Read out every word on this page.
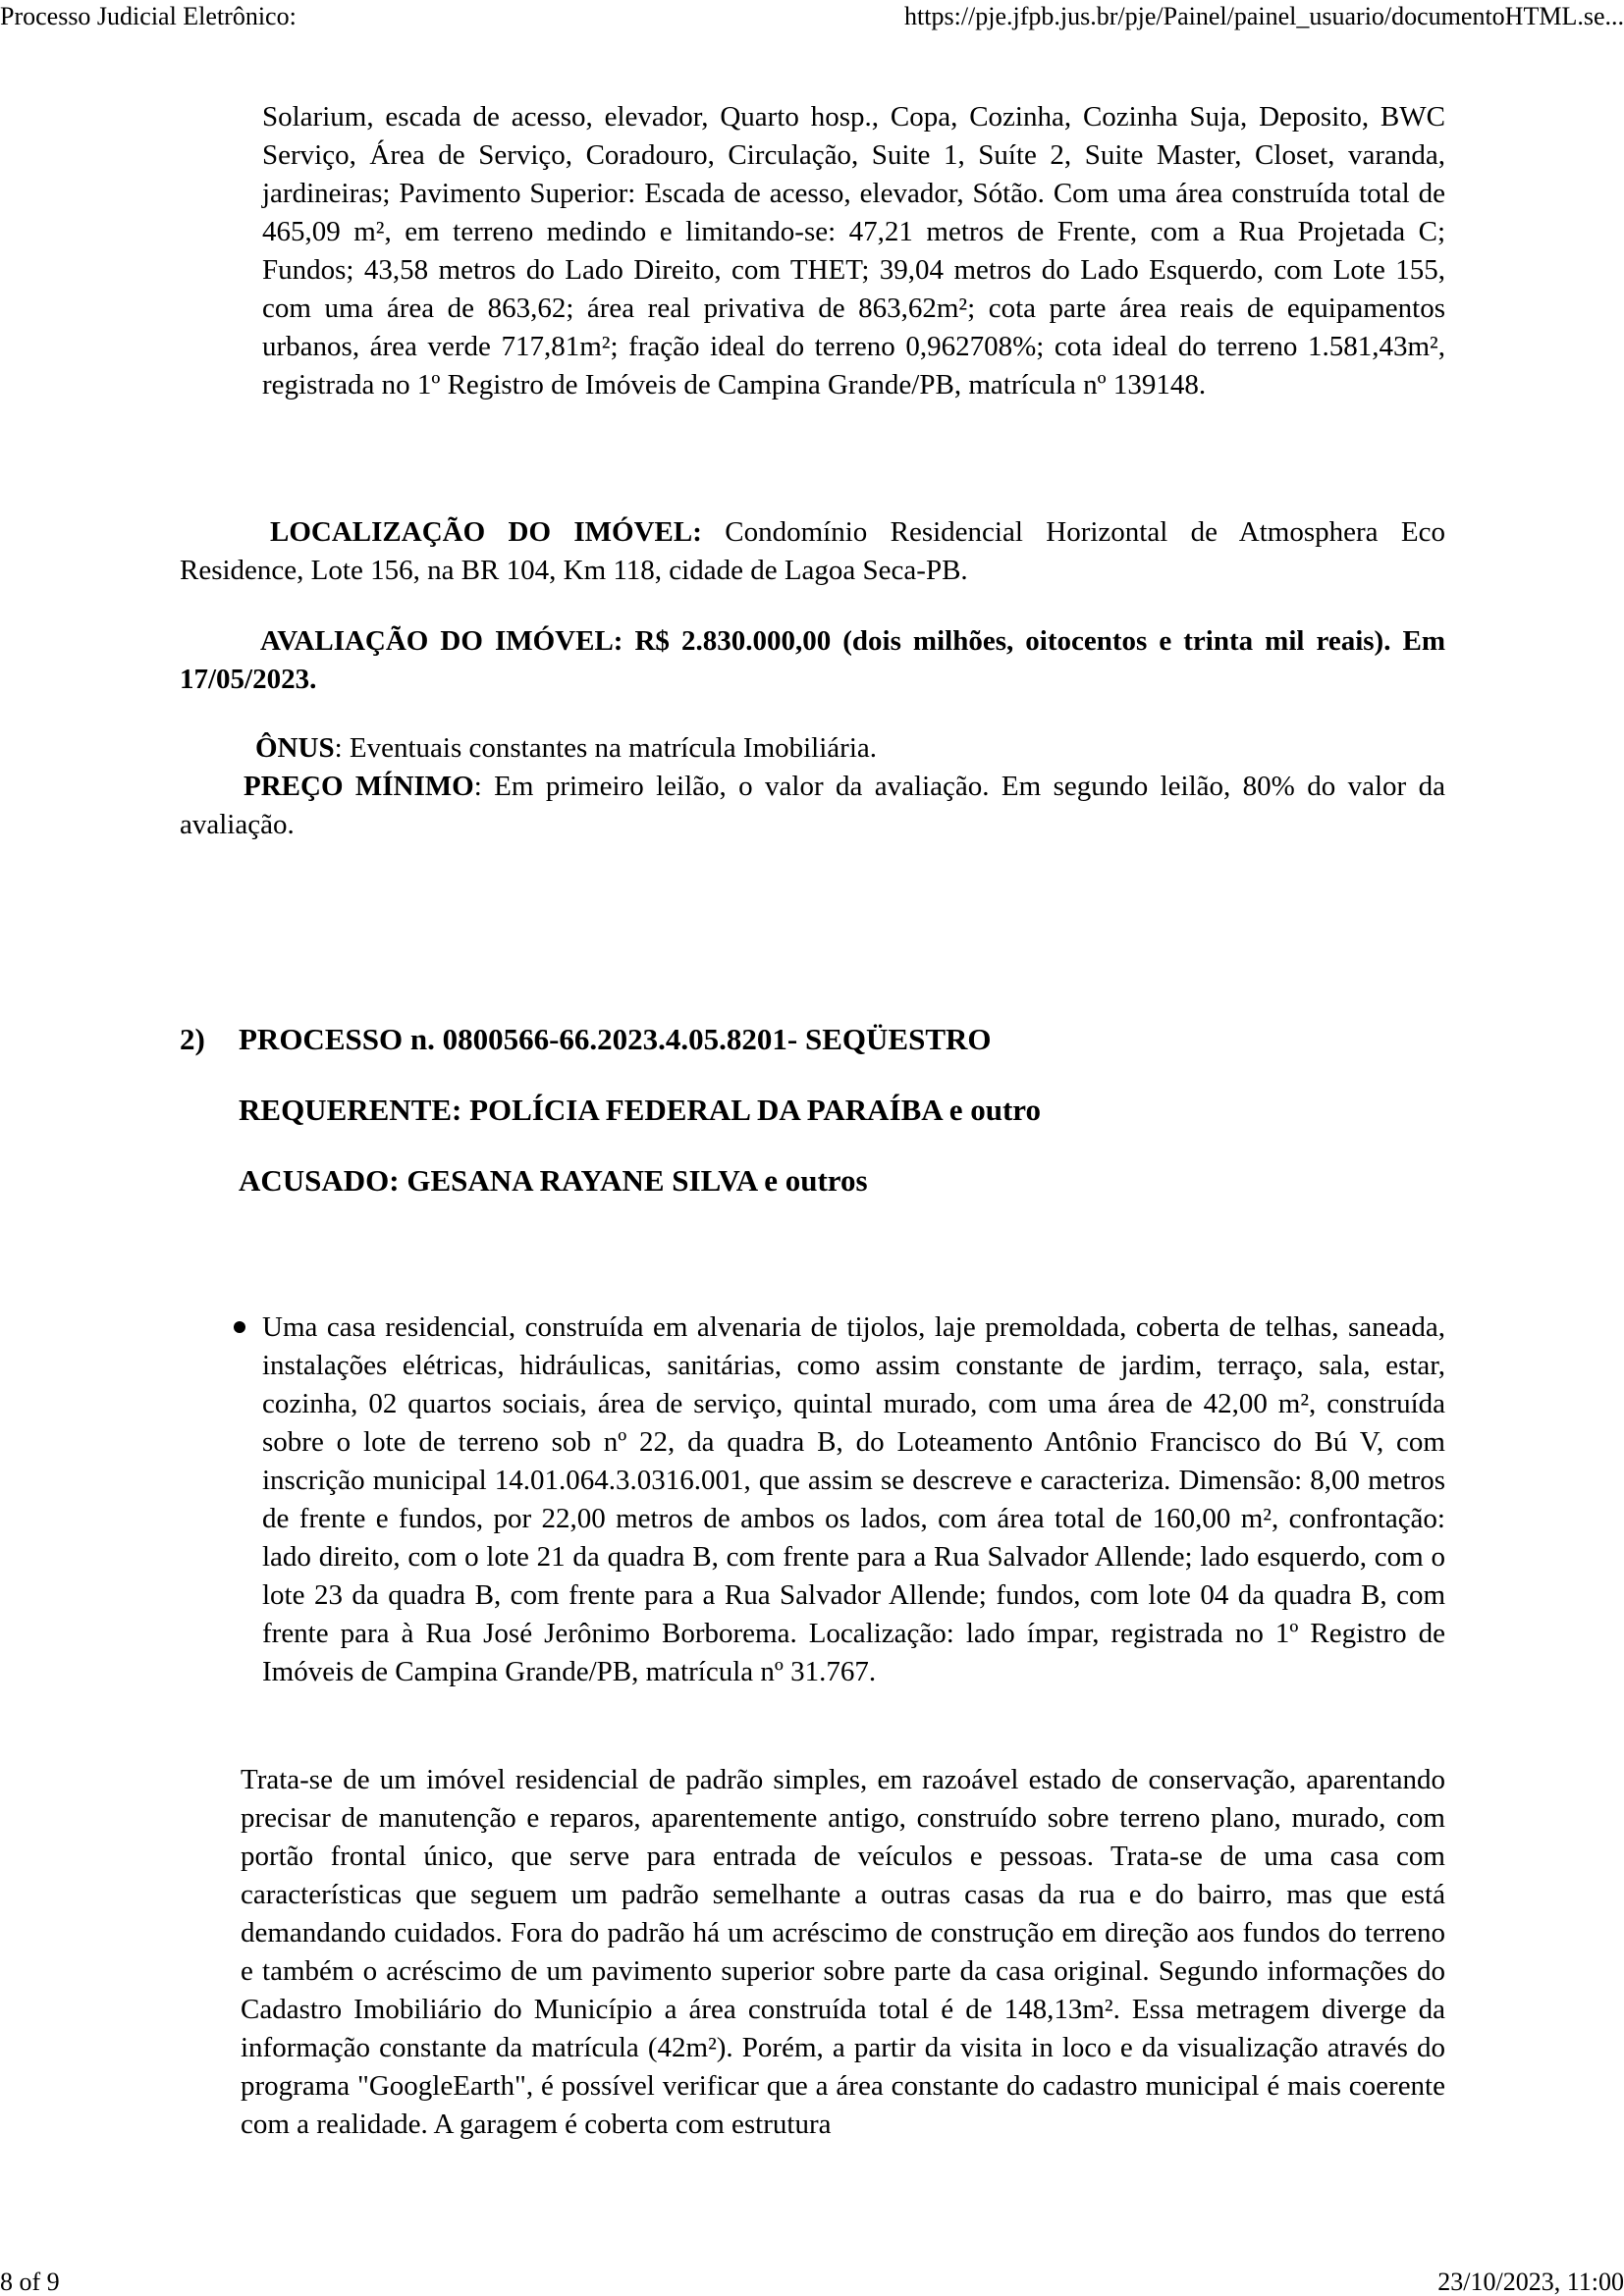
Processo Judicial Eletrônico:	https://pje.jfpb.jus.br/pje/Painel/painel_usuario/documentoHTML.se...

Solarium, escada de acesso, elevador, Quarto hosp., Copa, Cozinha, Cozinha Suja, Deposito, BWC Serviço, Área de Serviço, Coradouro, Circulação, Suite 1, Suíte 2, Suite Master, Closet, varanda, jardineiras; Pavimento Superior: Escada de acesso, elevador, Sótão. Com uma área construída total de 465,09 m², em terreno medindo e limitando-se: 47,21 metros de Frente, com a Rua Projetada C; Fundos; 43,58 metros do Lado Direito, com THET; 39,04 metros do Lado Esquerdo, com Lote 155, com uma área de 863,62; área real privativa de 863,62m²; cota parte área reais de equipamentos urbanos, área verde 717,81m²; fração ideal do terreno 0,962708%; cota ideal do terreno 1.581,43m², registrada no 1º Registro de Imóveis de Campina Grande/PB, matrícula nº 139148.

LOCALIZAÇÃO DO IMÓVEL: Condomínio Residencial Horizontal de Atmosphera Eco Residence, Lote 156, na BR 104, Km 118, cidade de Lagoa Seca-PB.

AVALIAÇÃO DO IMÓVEL: R$ 2.830.000,00 (dois milhões, oitocentos e trinta mil reais). Em 17/05/2023.

ÔNUS: Eventuais constantes na matrícula Imobiliária.

PREÇO MÍNIMO: Em primeiro leilão, o valor da avaliação. Em segundo leilão, 80% do valor da avaliação.

2) PROCESSO n. 0800566-66.2023.4.05.8201- SEQÜESTRO
REQUERENTE: POLÍCIA FEDERAL DA PARAÍBA e outro
ACUSADO: GESANA RAYANE SILVA e outros

Uma casa residencial, construída em alvenaria de tijolos, laje premoldada, coberta de telhas, saneada, instalações elétricas, hidráulicas, sanitárias, como assim constante de jardim, terraço, sala, estar, cozinha, 02 quartos sociais, área de serviço, quintal murado, com uma área de 42,00 m², construída sobre o lote de terreno sob nº 22, da quadra B, do Loteamento Antônio Francisco do Bú V, com inscrição municipal 14.01.064.3.0316.001, que assim se descreve e caracteriza. Dimensão: 8,00 metros de frente e fundos, por 22,00 metros de ambos os lados, com área total de 160,00 m², confrontação: lado direito, com o lote 21 da quadra B, com frente para a Rua Salvador Allende; lado esquerdo, com o lote 23 da quadra B, com frente para a Rua Salvador Allende; fundos, com lote 04 da quadra B, com frente para à Rua José Jerônimo Borborema. Localização: lado ímpar, registrada no 1º Registro de Imóveis de Campina Grande/PB, matrícula nº 31.767.

Trata-se de um imóvel residencial de padrão simples, em razoável estado de conservação, aparentando precisar de manutenção e reparos, aparentemente antigo, construído sobre terreno plano, murado, com portão frontal único, que serve para entrada de veículos e pessoas. Trata-se de uma casa com características que seguem um padrão semelhante a outras casas da rua e do bairro, mas que está demandando cuidados. Fora do padrão há um acréscimo de construção em direção aos fundos do terreno e também o acréscimo de um pavimento superior sobre parte da casa original. Segundo informações do Cadastro Imobiliário do Município a área construída total é de 148,13m². Essa metragem diverge da informação constante da matrícula (42m²). Porém, a partir da visita in loco e da visualização através do programa "GoogleEarth", é possível verificar que a área constante do cadastro municipal é mais coerente com a realidade. A garagem é coberta com estrutura

8 of 9	23/10/2023, 11:00
